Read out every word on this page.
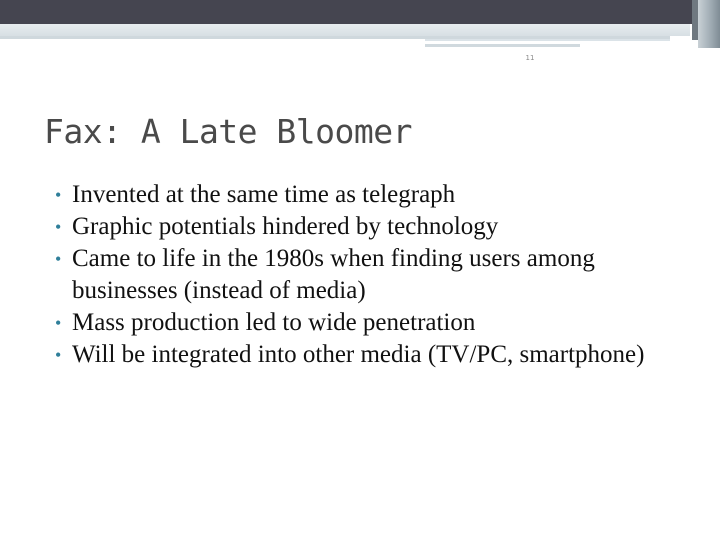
11
Fax: A Late Bloomer
• Invented at the same time as telegraph
• Graphic potentials hindered by technology
• Came to life in the 1980s when finding users among businesses (instead of media)
• Mass production led to wide penetration
• Will be integrated into other media (TV/PC, smartphone)
